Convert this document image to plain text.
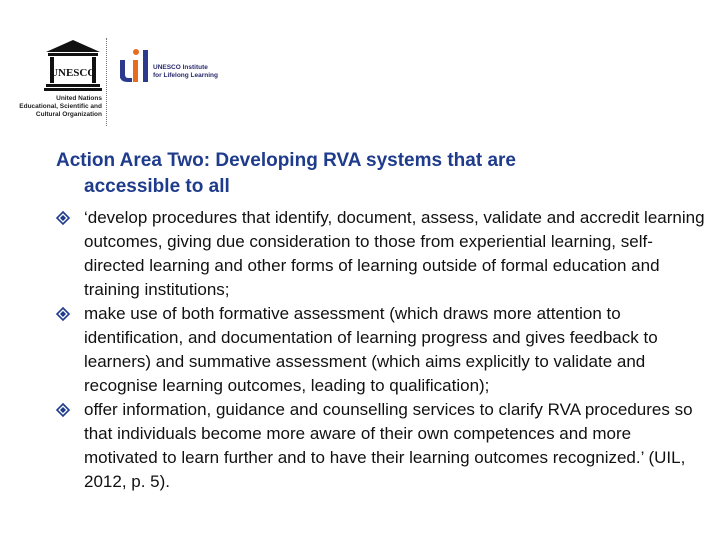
UNESCO
United Nations
Educational, Scientific and
Cultural Organization
UNESCO Institute
for Lifelong Learning
Action Area Two: Developing RVA systems that are
accessible to all
‘develop procedures that identify, document, assess, validate and accredit learning outcomes, giving due consideration to those from experiential learning, self-directed learning and other forms of learning outside of formal education and training institutions;
make use of both formative assessment (which draws more attention to identification, and documentation of learning progress and gives feedback to learners) and summative assessment (which aims explicitly to validate and recognise learning outcomes, leading to qualification);
offer information, guidance and counselling services to clarify RVA procedures so that individuals become more aware of their own competences and more motivated to learn further and to have their learning outcomes recognized.’ (UIL, 2012, p. 5).
